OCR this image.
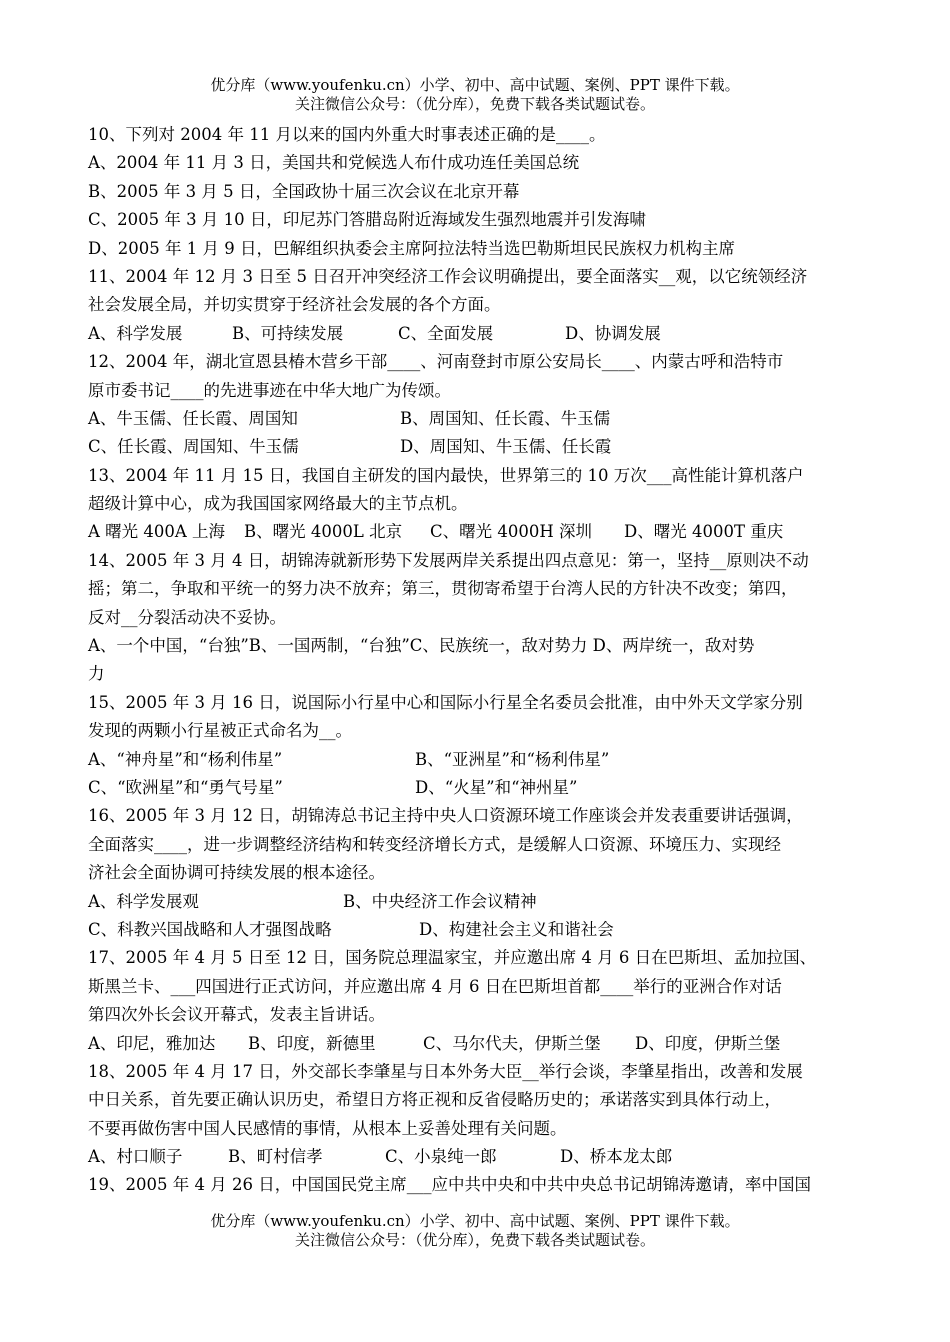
优分库（www.youfenku.cn）小学、初中、高中试题、案例、PPT 课件下载。
关注微信公众号：（优分库），免费下载各类试题试卷。
10、下列对 2004 年 11 月以来的国内外重大时事表述正确的是____。
A、2004 年 11 月 3 日，美国共和党候选人布什成功连任美国总统
B、2005 年 3 月 5 日，全国政协十届三次会议在北京开幕
C、2005 年 3 月 10 日，印尼苏门答腊岛附近海域发生强烈地震并引发海啸
D、2005 年 1 月 9 日，巴解组织执委会主席阿拉法特当选巴勒斯坦民民族权力机构主席
11、2004 年 12 月 3 日至 5 日召开冲突经济工作会议明确提出，要全面落实__观，以它统领经济
社会发展全局，并切实贯穿于经济社会发展的各个方面。
A、科学发展	B、可持续发展	C、全面发展	D、协调发展
12、2004 年，湖北宣恩县椿木营乡干部____、河南登封市原公安局长____、内蒙古呼和浩特市
原市委书记____的先进事迹在中华大地广为传颂。
A、牛玉儒、任长霞、周国知	B、周国知、任长霞、牛玉儒
C、任长霞、周国知、牛玉儒	D、周国知、牛玉儒、任长霞
13、2004 年 11 月 15 日，我国自主研发的国内最快，世界第三的 10 万次___高性能计算机落户
超级计算中心，成为我国国家网络最大的主节点机。
A 曙光 400A 上海 B、曙光 4000L 北京 C、曙光 4000H 深圳 D、曙光 4000T 重庆
14、2005 年 3 月 4 日，胡锦涛就新形势下发展两岸关系提出四点意见：第一，坚持__原则决不动
摇；第二，争取和平统一的努力决不放弃；第三，贯彻寄希望于台湾人民的方针决不改变；第四，
反对__分裂活动决不妥协。
A、一个中国，“台独”B、一国两制，“台独”C、民族统一，敌对势力 D、两岸统一，敌对势
力
15、2005 年 3 月 16 日，说国际小行星中心和国际小行星全名委员会批准，由中外天文学家分别
发现的两颗小行星被正式命名为__。
A、“神舟星”和“杨利伟星”	B、“亚洲星”和“杨利伟星”
C、“欧洲星”和“勇气号星”	D、“火星”和“神州星”
16、2005 年 3 月 12 日，胡锦涛总书记主持中央人口资源环境工作座谈会并发表重要讲话强调，
全面落实____，进一步调整经济结构和转变经济增长方式，是缓解人口资源、环境压力、实现经
济社会全面协调可持续发展的根本途径。
A、科学发展观	B、中央经济工作会议精神
C、科教兴国战略和人才强图战略	D、构建社会主义和谐社会
17、2005 年 4 月 5 日至 12 日，国务院总理温家宝，并应邀出席 4 月 6 日在巴斯坦、孟加拉国、
斯黑兰卡、___四国进行正式访问，并应邀出席 4 月 6 日在巴斯坦首都____举行的亚洲合作对话
第四次外长会议开幕式，发表主旨讲话。
A、印尼，雅加达 B、印度，新德里	C、马尔代夫，伊斯兰堡 D、印度，伊斯兰堡
18、2005 年 4 月 17 日，外交部长李肇星与日本外务大臣__举行会谈，李肇星指出，改善和发展
中日关系，首先要正确认识历史，希望日方将正视和反省侵略历史的；承诺落实到具体行动上，
不要再做伤害中国人民感情的事情，从根本上妥善处理有关问题。
A、村口顺子	B、町村信孝	C、小泉纯一郎	D、桥本龙太郎
19、2005 年 4 月 26 日，中国国民党主席___应中共中央和中共中央总书记胡锦涛邀请，率中国国
优分库（www.youfenku.cn）小学、初中、高中试题、案例、PPT 课件下载。
关注微信公众号：（优分库），免费下载各类试题试卷。
